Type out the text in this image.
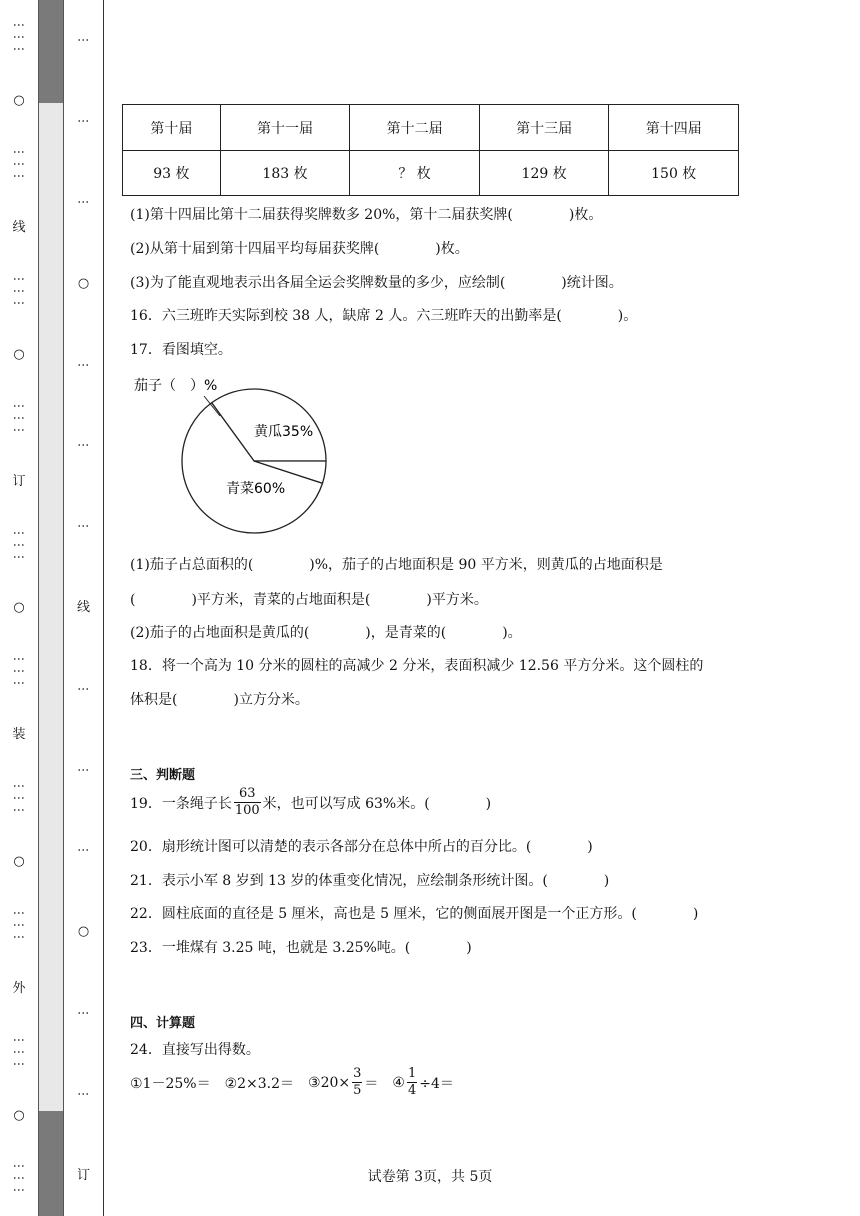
⋮⋮⋮
○
⋮⋮⋮
线
⋮⋮⋮
○
⋮⋮⋮
订
⋮⋮⋮
○
⋮⋮⋮
装
⋮⋮⋮
○
⋮⋮⋮
外
⋮⋮⋮
○
⋮⋮⋮
⋮
⋮
⋮
○
⋮
⋮
⋮
线
⋮
⋮
⋮
○
⋮
⋮
订
第十届	第十一届	第十二届	第十三届	第十四届
93 枚	183 枚	？ 枚	129 枚	150 枚
(1)第十四届比第十二届获得奖牌数多 20%，第十二届获奖牌(　　　　)枚。
(2)从第十届到第十四届平均每届获奖牌(　　　　)枚。
(3)为了能直观地表示出各届全运会奖牌数量的多少，应绘制(　　　　)统计图。
16．六三班昨天实际到校 38 人，缺席 2 人。六三班昨天的出勤率是(　　　　)。
17．看图填空。
黄瓜35%
青菜60%
茄子（　）%
(1)茄子占总面积的(　　　　)%，茄子的占地面积是 90 平方米，则黄瓜的占地面积是
(　　　　)平方米，青菜的占地面积是(　　　　)平方米。
(2)茄子的占地面积是黄瓜的(　　　　)，是青菜的(　　　　)。
18．将一个高为 10 分米的圆柱的高减少 2 分米，表面积减少 12.56 平方分米。这个圆柱的
体积是(　　　　)立方分米。
三、判断题
19．一条绳子长 $\frac{63}{100}$ 米，也可以写成 63%米。(　　　　)
20．扇形统计图可以清楚的表示各部分在总体中所占的百分比。(　　　　)
21．表示小军 8 岁到 13 岁的体重变化情况，应绘制条形统计图。(　　　　)
22．圆柱底面的直径是 5 厘米，高也是 5 厘米，它的侧面展开图是一个正方形。(　　　　)
23．一堆煤有 3.25 吨，也就是 3.25%吨。(　　　　)
四、计算题
24．直接写出得数。
①1－25%＝ ②2×3.2＝ ③20× $\frac{3}{5}$ ＝ ④ $\frac{1}{4} \div 4=$
试卷第 3页，共 5页
